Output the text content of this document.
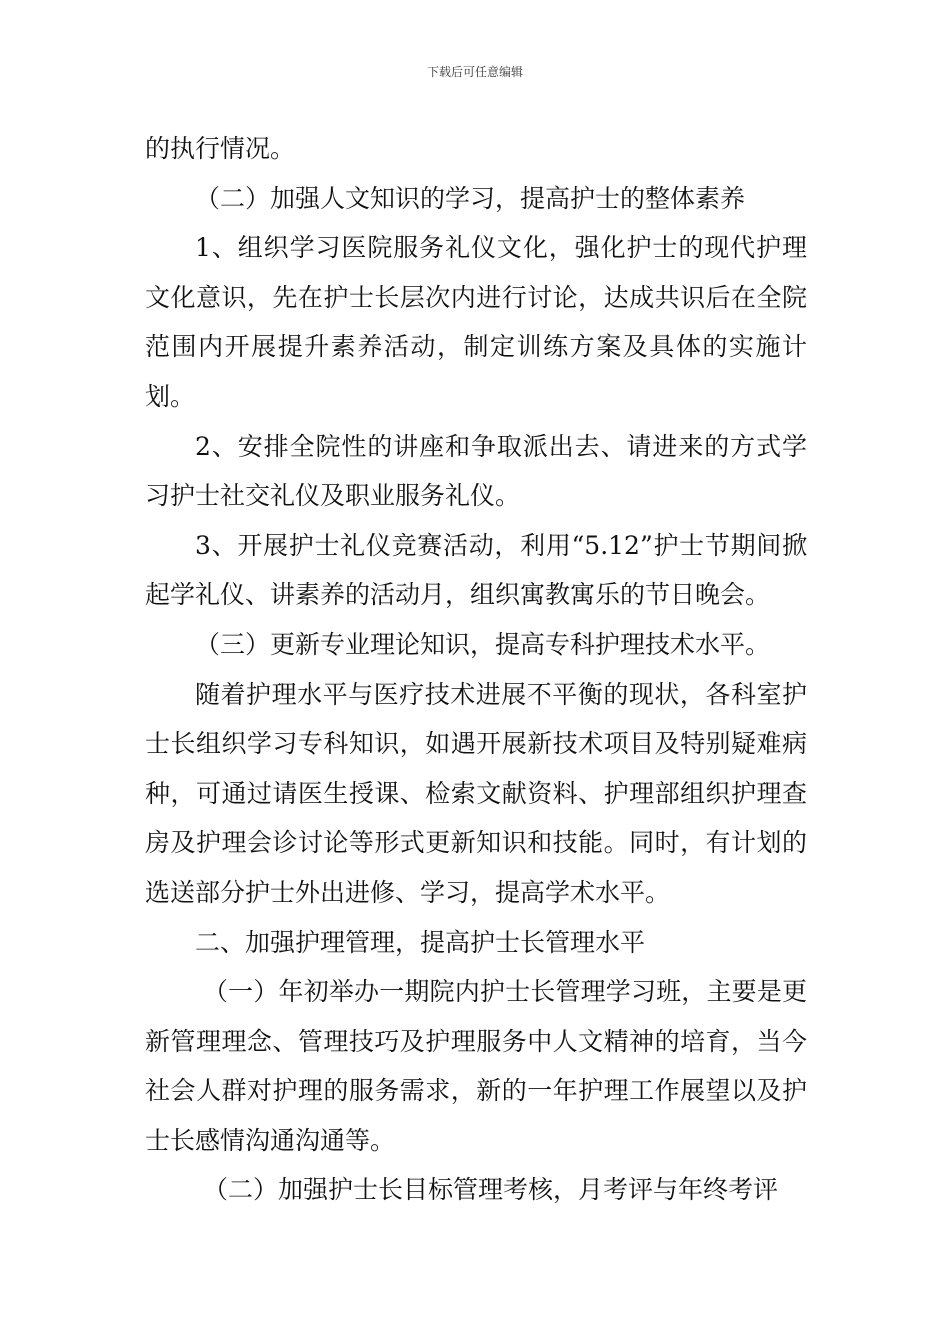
下载后可任意编辑

的执行情况。

（二）加强人文知识的学习，提高护士的整体素养

1、组织学习医院服务礼仪文化，强化护士的现代护理文化意识，先在护士长层次内进行讨论，达成共识后在全院范围内开展提升素养活动，制定训练方案及具体的实施计划。

2、安排全院性的讲座和争取派出去、请进来的方式学习护士社交礼仪及职业服务礼仪。

3、开展护士礼仪竞赛活动，利用“5.12”护士节期间掀起学礼仪、讲素养的活动月，组织寓教寓乐的节日晚会。

（三）更新专业理论知识，提高专科护理技术水平。

随着护理水平与医疗技术进展不平衡的现状，各科室护士长组织学习专科知识，如遇开展新技术项目及特别疑难病种，可通过请医生授课、检索文献资料、护理部组织护理查房及护理会诊讨论等形式更新知识和技能。同时，有计划的选送部分护士外出进修、学习，提高学术水平。

二、加强护理管理，提高护士长管理水平

（一）年初举办一期院内护士长管理学习班，主要是更新管理理念、管理技巧及护理服务中人文精神的培育，当今社会人群对护理的服务需求，新的一年护理工作展望以及护士长感情沟通沟通等。

（二）加强护士长目标管理考核，月考评与年终考评
